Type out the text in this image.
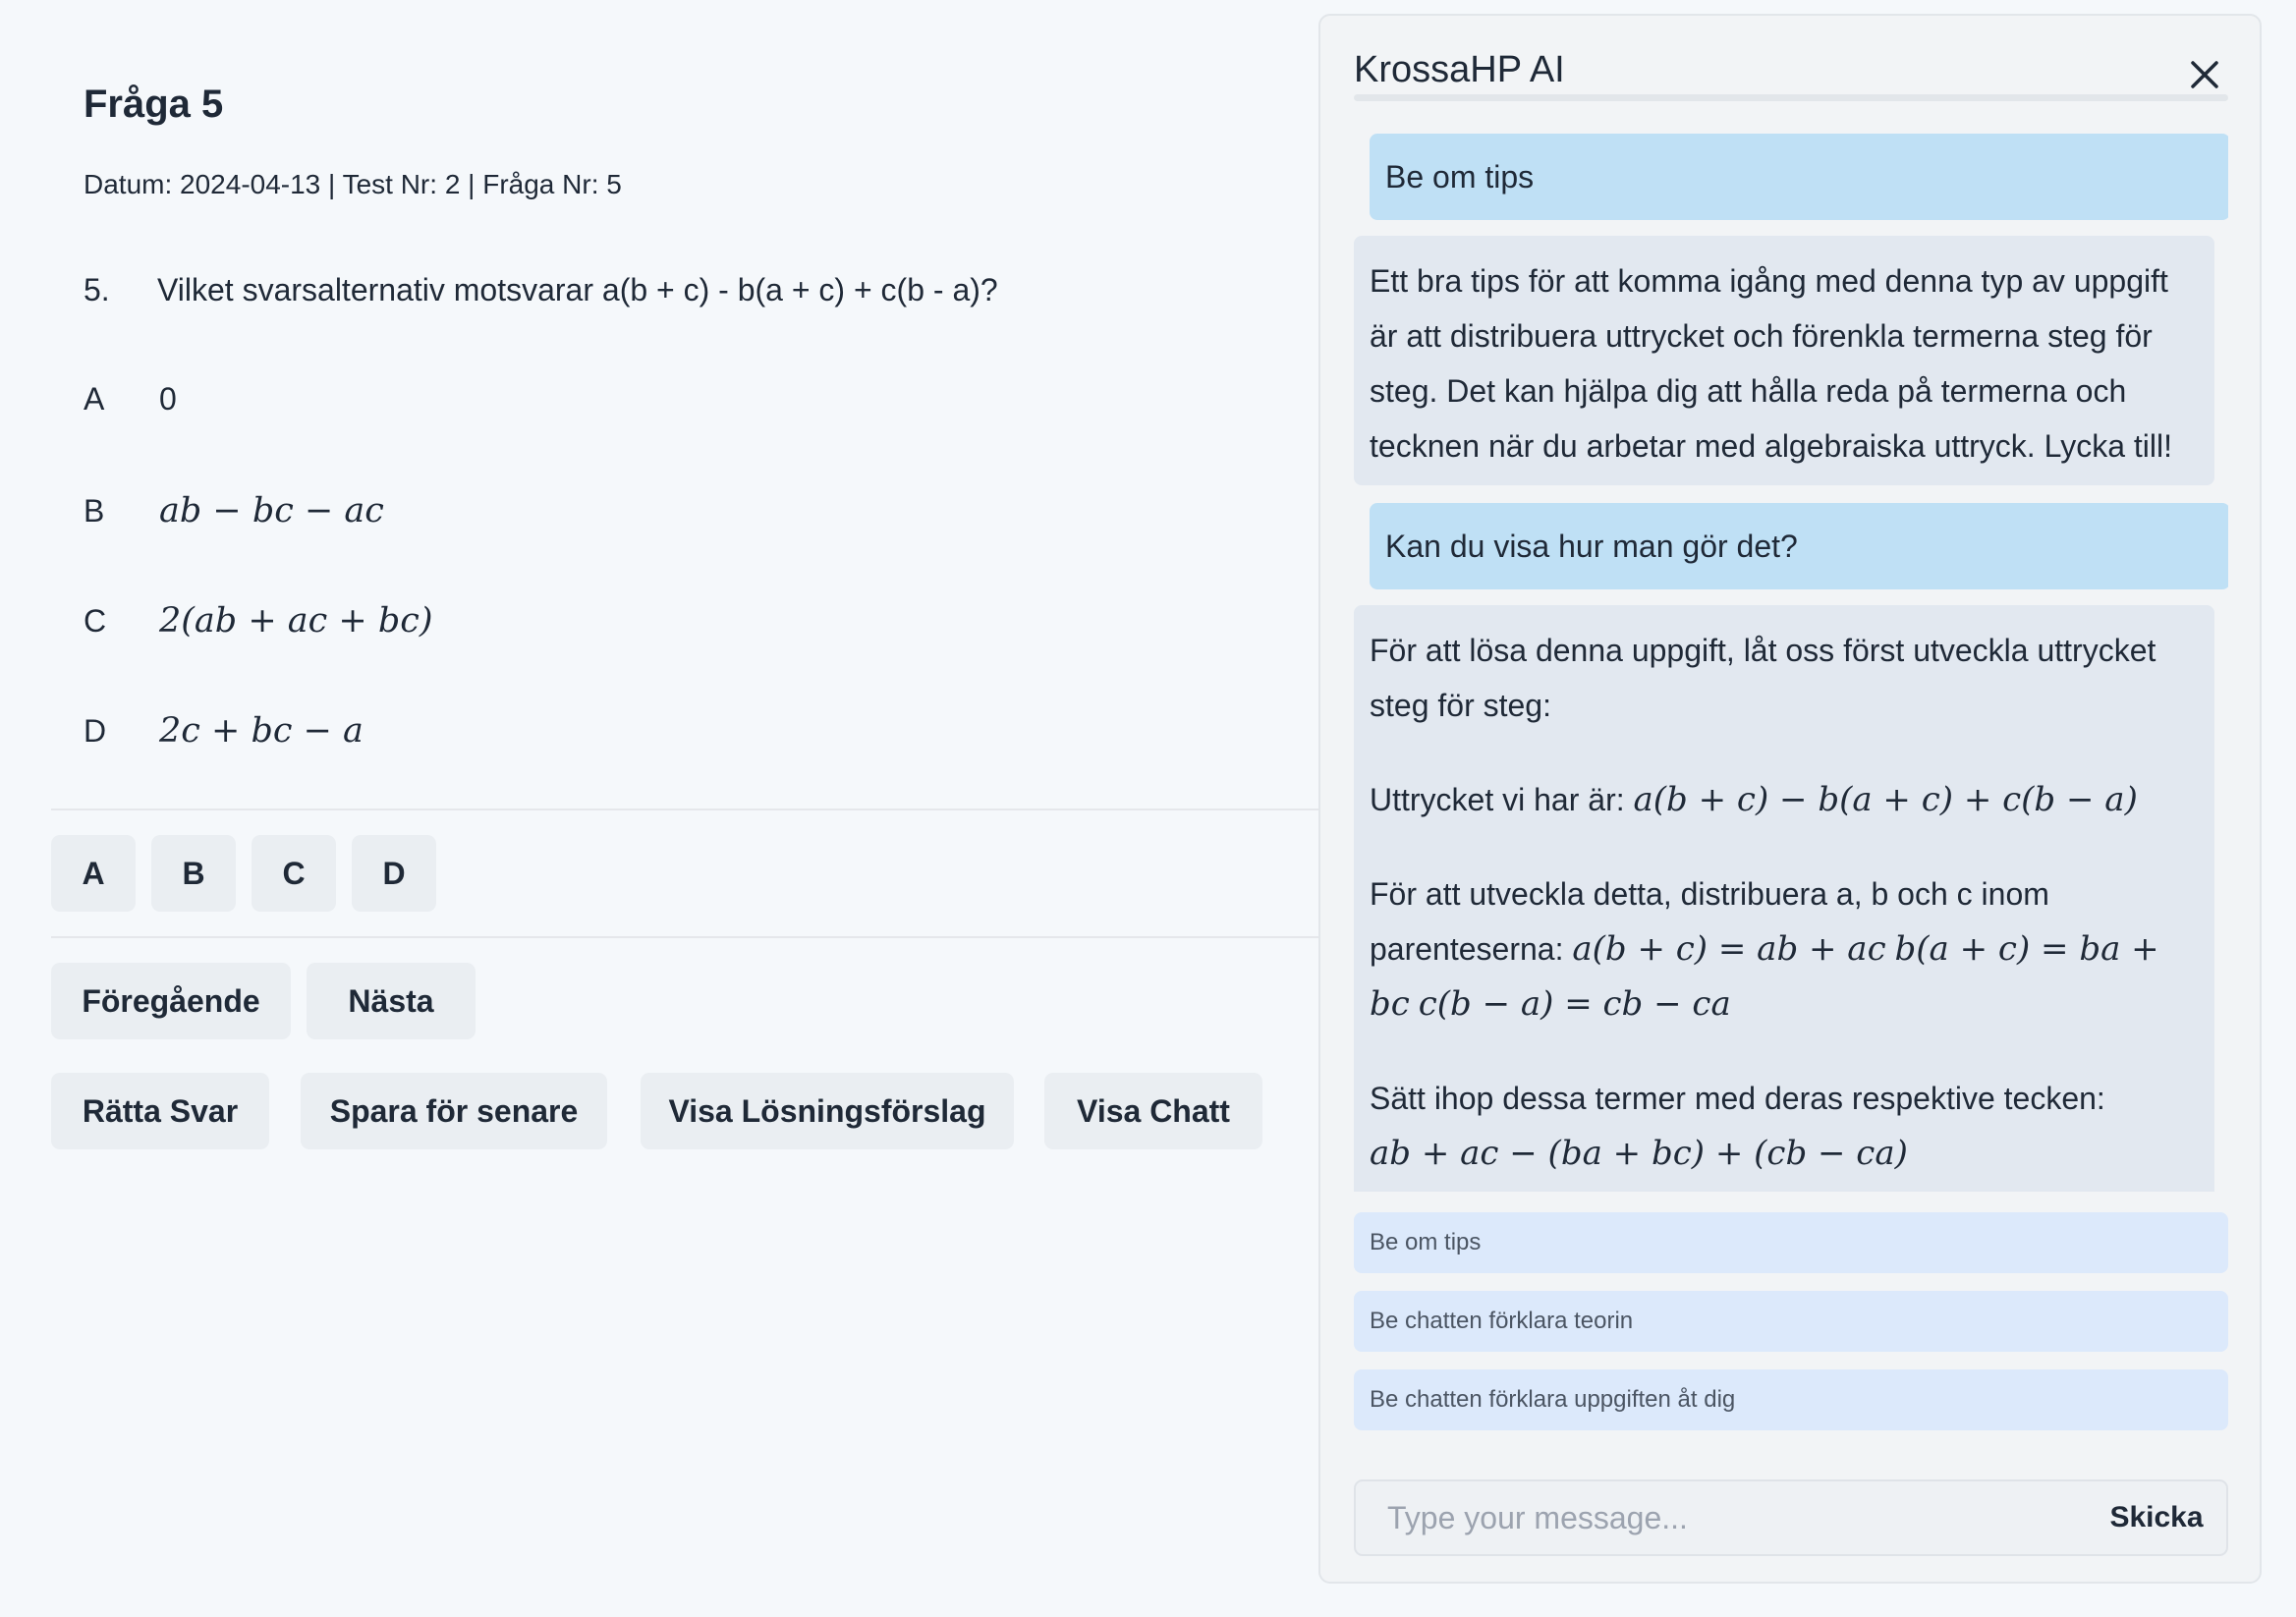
Fråga 5
Datum: 2024-04-13 | Test Nr: 2 | Fråga Nr: 5
5. Vilket svarsalternativ motsvarar a(b + c) - b(a + c) + c(b - a)?
A 0
B ab − bc − ac
C 2(ab + ac + bc)
D 2c + bc − a
A	B	C	D
Föregående	Nästa
Rätta Svar	Spara för senare	Visa Lösningsförslag	Visa Chatt
KrossaHP AI
Be om tips

Ett bra tips för att komma igång med denna typ av uppgift är att distribuera uttrycket och förenkla termerna steg för steg. Det kan hjälpa dig att hålla reda på termerna och tecknen när du arbetar med algebraiska uttryck. Lycka till!

Kan du visa hur man gör det?

För att lösa denna uppgift, låt oss först utveckla uttrycket steg för steg:

Uttrycket vi har är: a(b + c) − b(a + c) + c(b − a)

För att utveckla detta, distribuera a, b och c inom parenteserna: a(b + c) = ab + ac b(a + c) = ba + bc c(b − a) = cb − ca

Sätt ihop dessa termer med deras respektive tecken:
ab + ac − (ba + bc) + (cb − ca)

Be om tips
Be chatten förklara teorin
Be chatten förklara uppgiften åt dig
Type your message...
Skicka
